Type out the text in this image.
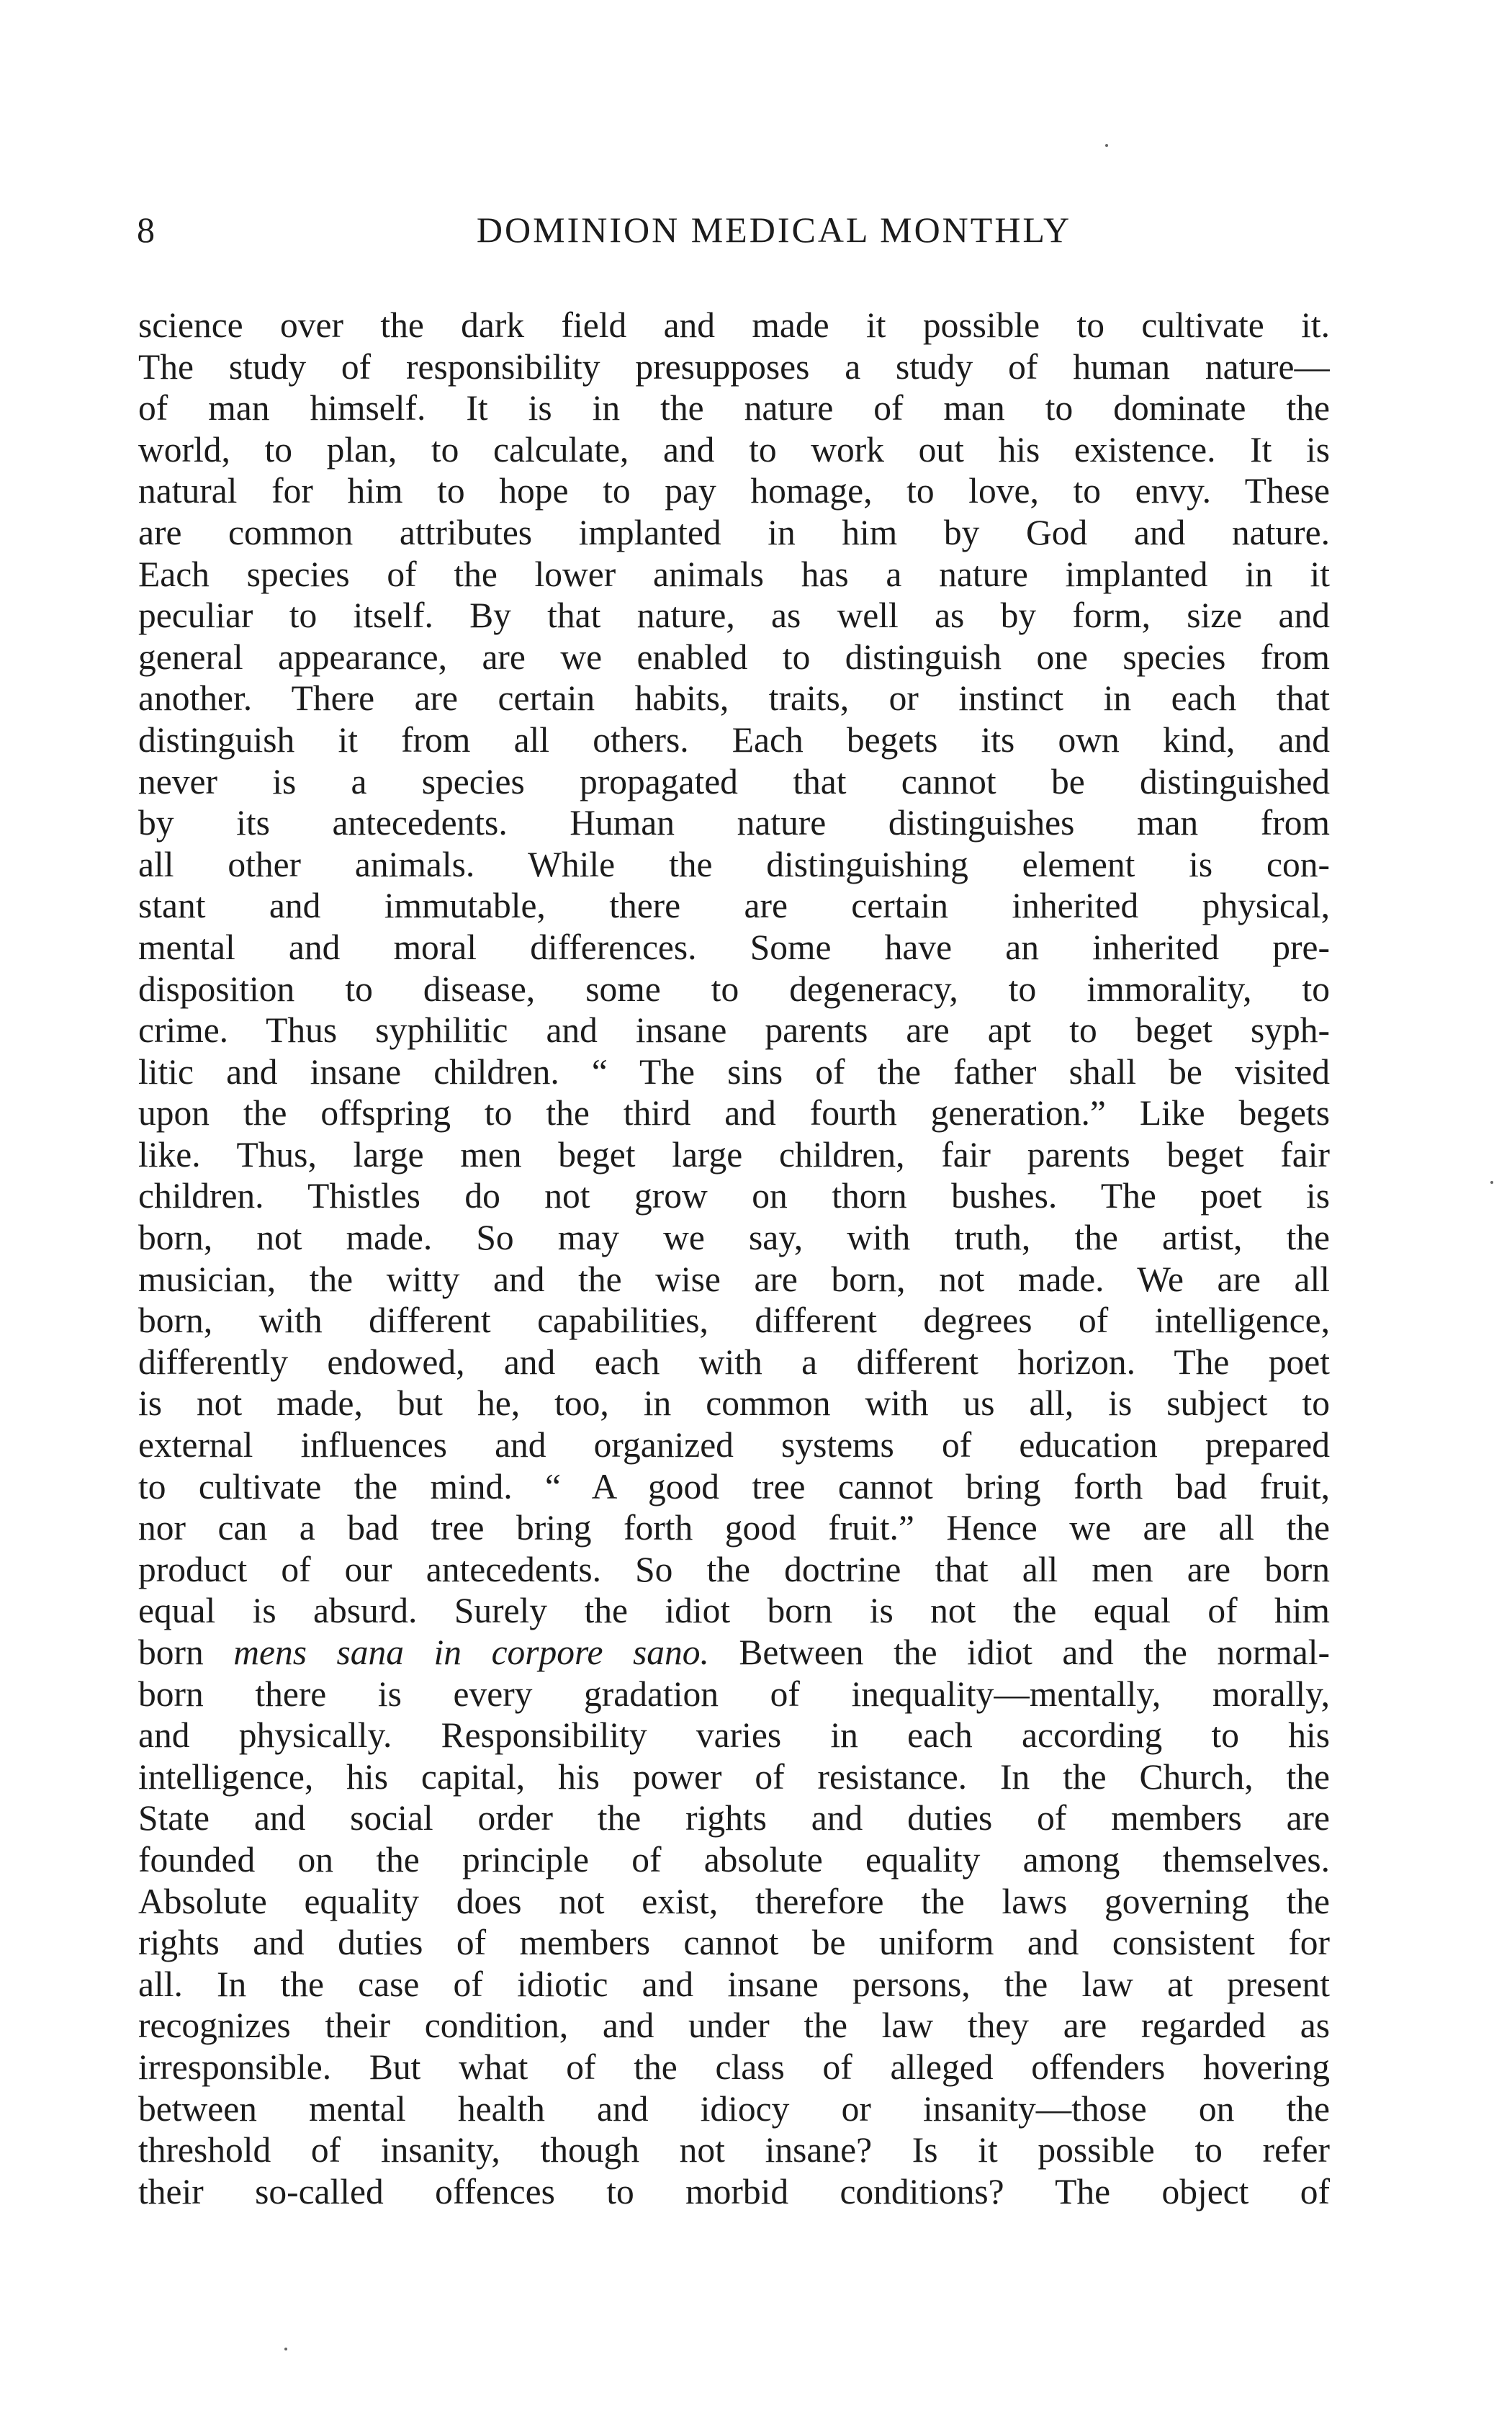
8	DOMINION MEDICAL MONTHLY
science over the dark field and made it possible to cultivate it.
The study of responsibility presupposes a study of human nature—
of man himself. It is in the nature of man to dominate the
world, to plan, to calculate, and to work out his existence. It is
natural for him to hope to pay homage, to love, to envy. These
are common attributes implanted in him by God and nature.
Each species of the lower animals has a nature implanted in it
peculiar to itself. By that nature, as well as by form, size and
general appearance, are we enabled to distinguish one species from
another. There are certain habits, traits, or instinct in each that
distinguish it from all others. Each begets its own kind, and
never is a species propagated that cannot be distinguished
by its antecedents. Human nature distinguishes man from
all other animals. While the distinguishing element is con-
stant and immutable, there are certain inherited physical,
mental and moral differences. Some have an inherited pre-
disposition to disease, some to degeneracy, to immorality, to
crime. Thus syphilitic and insane parents are apt to beget syph-
litic and insane children. “ The sins of the father shall be visited
upon the offspring to the third and fourth generation.” Like begets
like. Thus, large men beget large children, fair parents beget fair
children. Thistles do not grow on thorn bushes. The poet is
born, not made. So may we say, with truth, the artist, the
musician, the witty and the wise are born, not made. We are all
born, with different capabilities, different degrees of intelligence,
differently endowed, and each with a different horizon. The poet
is not made, but he, too, in common with us all, is subject to
external influences and organized systems of education prepared
to cultivate the mind. “ A good tree cannot bring forth bad fruit,
nor can a bad tree bring forth good fruit.” Hence we are all the
product of our antecedents. So the doctrine that all men are born
equal is absurd. Surely the idiot born is not the equal of him
born mens sana in corpore sano. Between the idiot and the normal-
born there is every gradation of inequality—mentally, morally,
and physically. Responsibility varies in each according to his
intelligence, his capital, his power of resistance. In the Church, the
State and social order the rights and duties of members are
founded on the principle of absolute equality among themselves.
Absolute equality does not exist, therefore the laws governing the
rights and duties of members cannot be uniform and consistent for
all. In the case of idiotic and insane persons, the law at present
recognizes their condition, and under the law they are regarded as
irresponsible. But what of the class of alleged offenders hovering
between mental health and idiocy or insanity—those on the
threshold of insanity, though not insane? Is it possible to refer
their so-called offences to morbid conditions? The object of
